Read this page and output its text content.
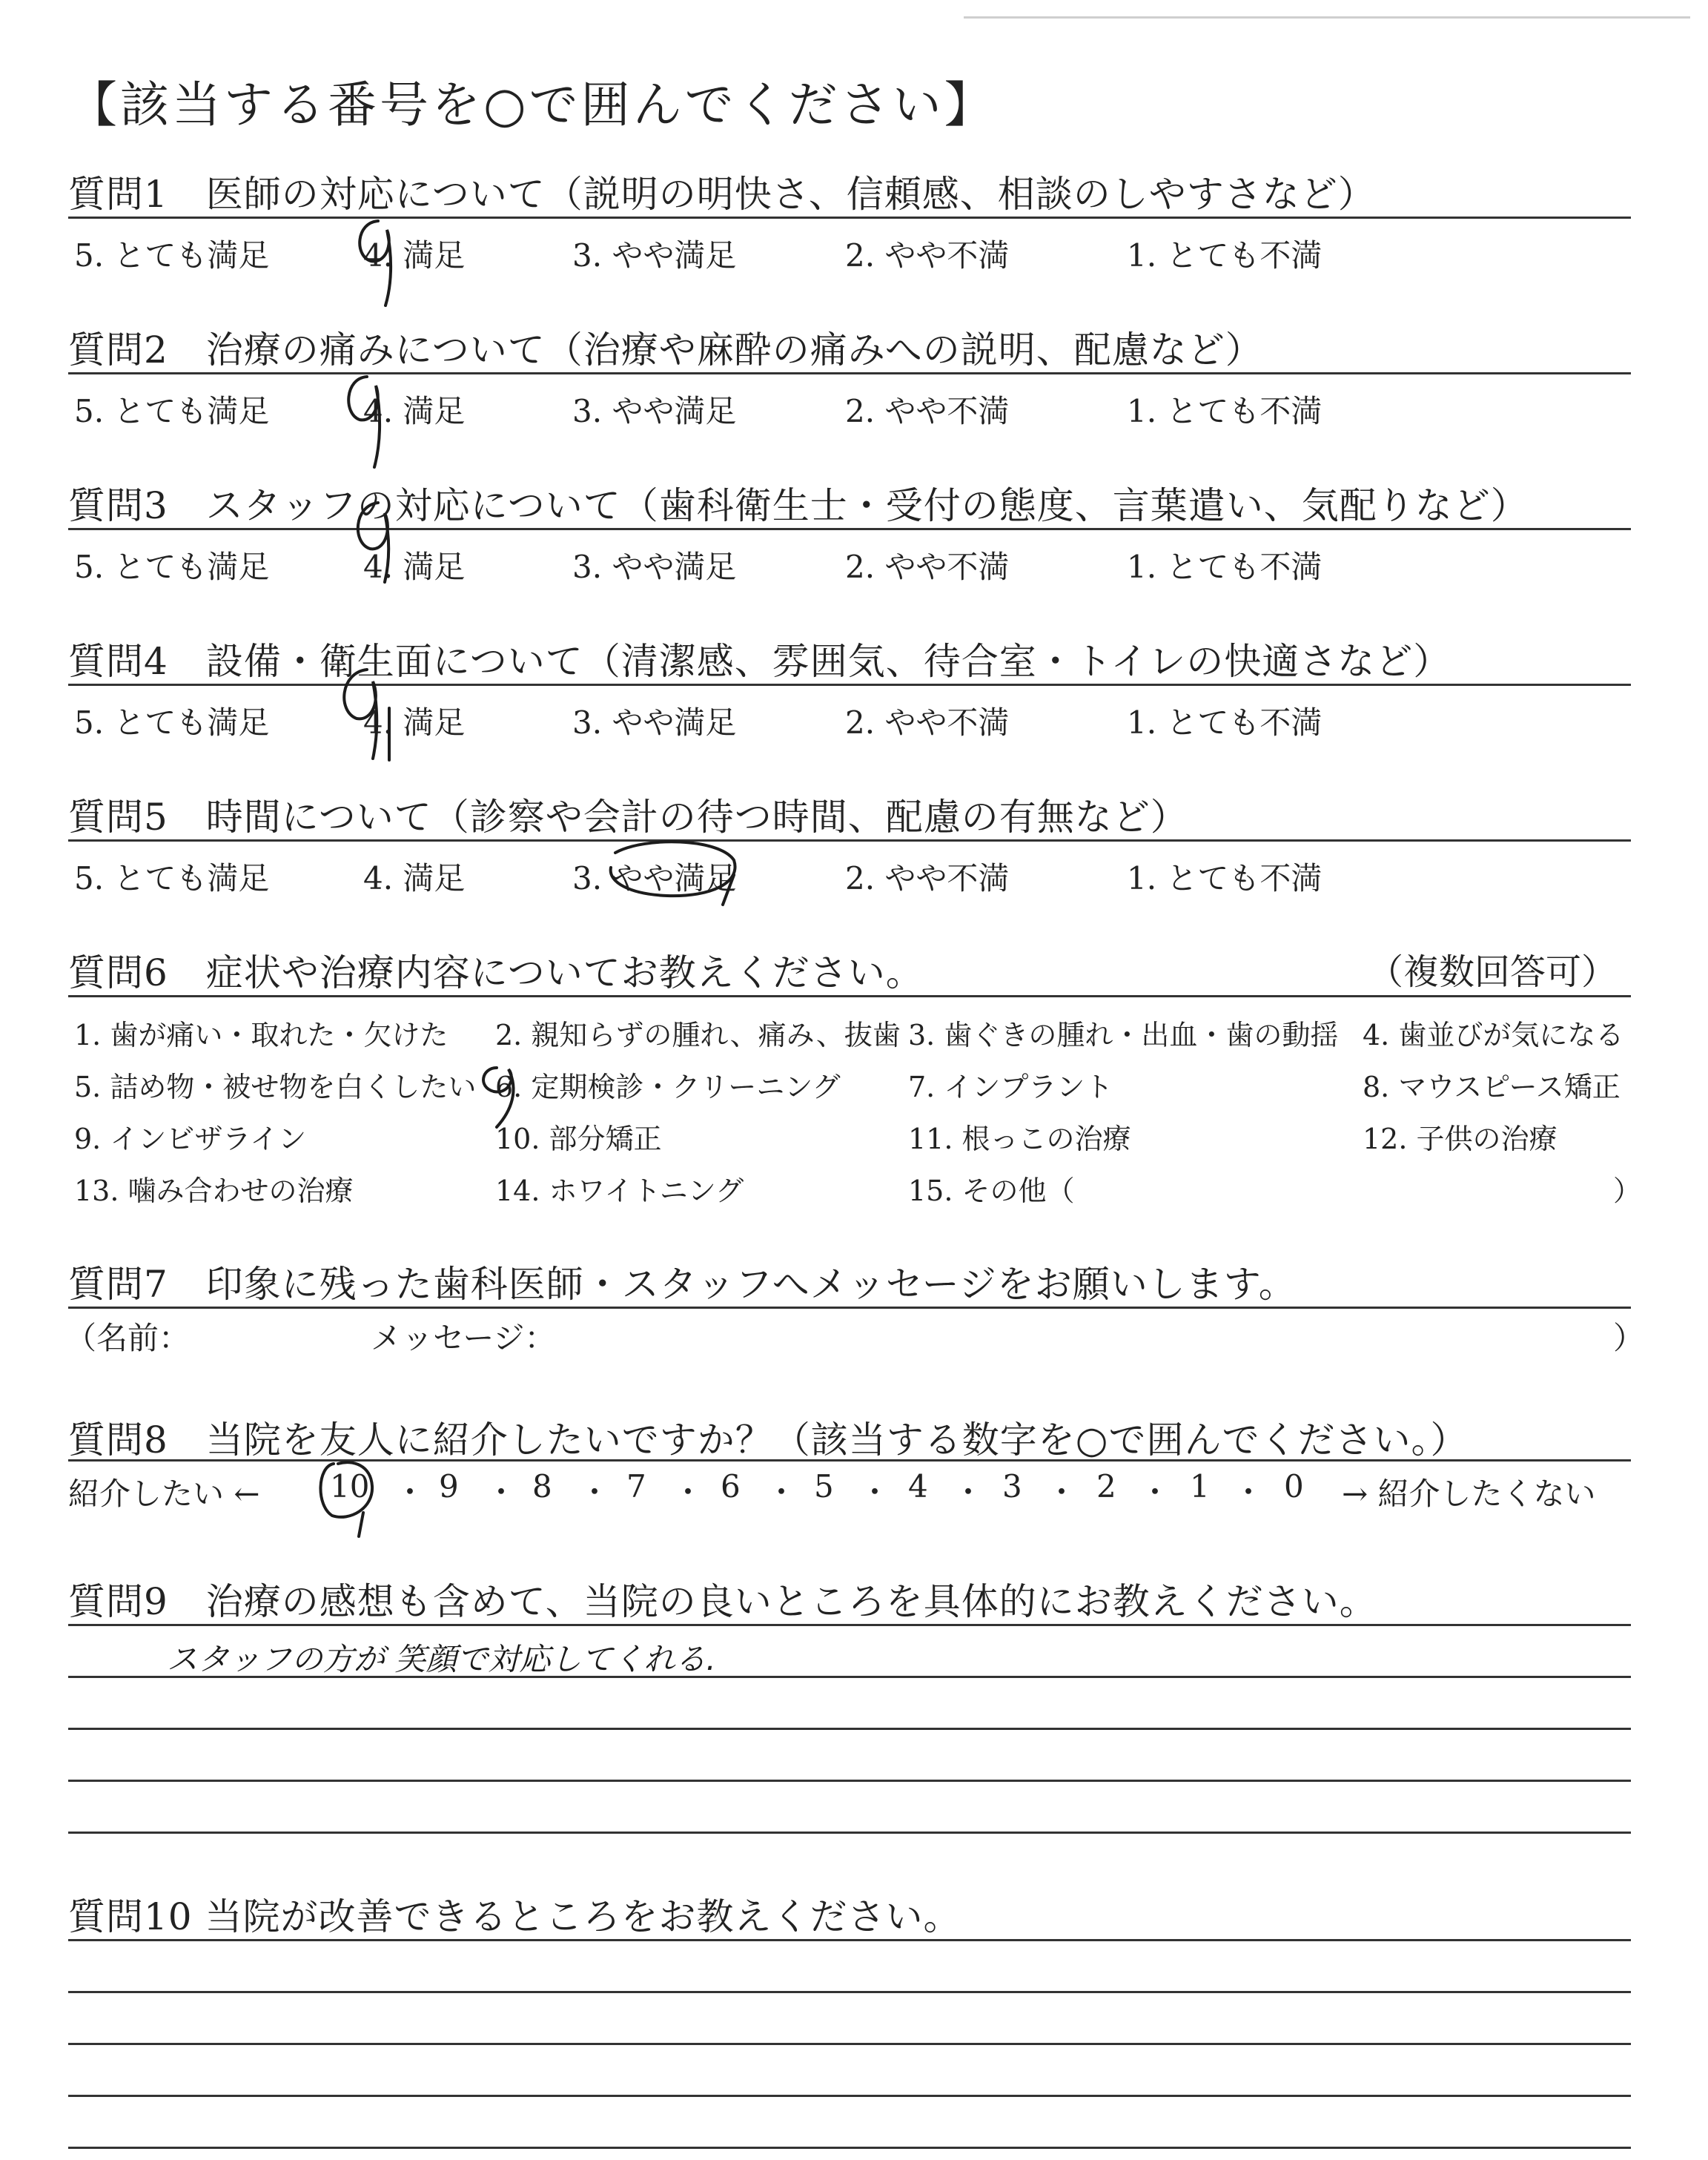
【該当する番号を○で囲んでください】
質問1　医師の対応について（説明の明快さ、信頼感、相談のしやすさなど）
5. とても満足	4. 満足	3. やや満足	2. やや不満	1. とても不満
質問2　治療の痛みについて（治療や麻酔の痛みへの説明、配慮など）
5. とても満足	4. 満足	3. やや満足	2. やや不満	1. とても不満
質問3　スタッフの対応について（歯科衛生士・受付の態度、言葉遣い、気配りなど）
5. とても満足	4. 満足	3. やや満足	2. やや不満	1. とても不満
質問4　設備・衛生面について（清潔感、雰囲気、待合室・トイレの快適さなど）
5. とても満足	4. 満足	3. やや満足	2. やや不満	1. とても不満
質問5　時間について（診察や会計の待つ時間、配慮の有無など）
5. とても満足	4. 満足	3. やや満足	2. やや不満	1. とても不満
質問6　症状や治療内容についてお教えください。	（複数回答可）
1. 歯が痛い・取れた・欠けた 2. 親知らずの腫れ、痛み、抜歯 3. 歯ぐきの腫れ・出血・歯の動揺 4. 歯並びが気になる
5. 詰め物・被せ物を白くしたい 6. 定期検診・クリーニング 7. インプラント	8. マウスピース矯正
9. インビザライン	10. 部分矯正	11. 根っこの治療	12. 子供の治療
13. 噛み合わせの治療	14. ホワイトニング	15. その他（	）
質問7　印象に残った歯科医師・スタッフへメッセージをお願いします。
（名前：	メッセージ：	）
質問8　当院を友人に紹介したいですか？（該当する数字を○で囲んでください。）
紹介したい ← 10 ・ 9 ・ 8 ・ 7 ・ 6 ・ 5 ・ 4 ・ 3 ・ 2 ・ 1 ・ 0 → 紹介したくない
質問9　治療の感想も含めて、当院の良いところを具体的にお教えください。
スタッフの方が 笑顔で対応してくれる.
質問10 当院が改善できるところをお教えください。
